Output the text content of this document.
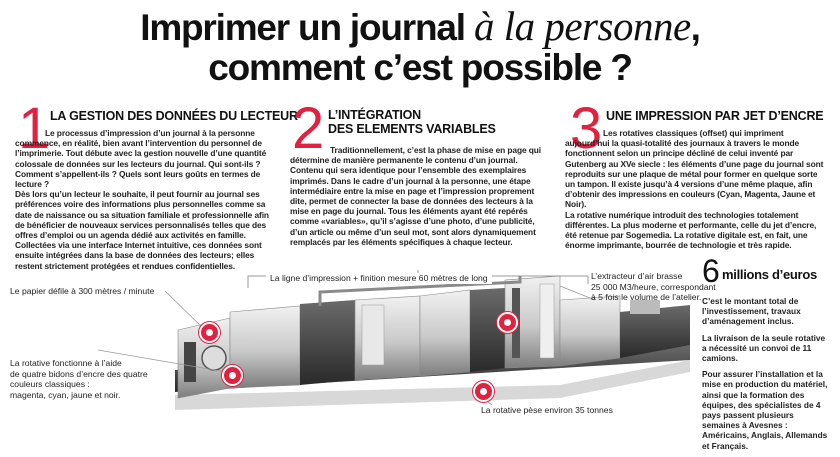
Imprimer un journal à la personne,
comment c’est possible ?
1 LA GESTION DES DONNÉES DU LECTEUR

Le processus d’impression d’un journal à la personne commence, en réalité, bien avant l’intervention du personnel de l’imprimerie. Tout débute avec la gestion nouvelle d’une quantité colossale de données sur les lecteurs du journal. Qui sont-ils ? Comment s’appellent-ils ? Quels sont leurs goûts en termes de lecture ?

Dès lors qu’un lecteur le souhaite, il peut fournir au journal ses préférences voire des informations plus personnelles comme sa date de naissance ou sa situation familiale et professionnelle afin de bénéficier de nouveaux services personnalisés telles que des offres d’emploi ou un agenda dédié aux activités en famille.

Collectées via une interface Internet intuitive, ces données sont ensuite intégrées dans la base de données des lecteurs; elles restent strictement protégées et rendues confidentielles.

2 L’INTÉGRATION
DES ELEMENTS VARIABLES

Traditionnellement, c’est la phase de mise en page qui détermine de manière permanente le contenu d’un journal. Contenu qui sera identique pour l’ensemble des exemplaires imprimés. Dans le cadre d’un journal à la personne, une étape intermédiaire entre la mise en page et l’impression proprement dite, permet de connecter la base de données des lecteurs à la mise en page du journal. Tous les éléments ayant été repérés comme «variables», qu’il s’agisse d’une photo, d’une publicité, d’un article ou même d’un seul mot, sont alors dynamiquement remplacés par les éléments spécifiques à chaque lecteur.

3 UNE IMPRESSION PAR JET D’ENCRE

Les rotatives classiques (offset) qui impriment aujourd’hui la quasi-totalité des journaux à travers le monde fonctionnent selon un principe décliné de celui inventé par Gutenberg au XVe siecle : les éléments d’une page du journal sont reproduits sur une plaque de métal pour former en quelque sorte un tampon. Il existe jusqu’à 4 versions d’une même plaque, afin d’obtenir des impressions en couleurs (Cyan, Magenta, Jaune et Noir).

La rotative numérique introduit des technologies totalement différentes. La plus moderne et performante, celle du jet d’encre, été retenue par Sogemedia. La rotative digitale est, en fait, une énorme imprimante, bourrée de technologie et très rapide.

La ligne d’impression + finition mesure 60 mètres de long
Le papier défile à 300 mètres / minute
L’extracteur d’air brasse
25 000 M3/heure, correspondant
à 5 fois le volume de l’atelier.
La rotative fonctionne à l’aide
de quatre bidons d’encre des quatre
couleurs classiques :
magenta, cyan, jaune et noir.
La rotative pèse environ 35 tonnes
6 millions d’euros

C’est le montant total de l’investissement, travaux d’aménagement inclus.

La livraison de la seule rotative a nécessité un convoi de 11 camions.

Pour assurer l’installation et la mise en production du matériel, ainsi que la formation des équipes, des spécialistes de 4 pays passent plusieurs semaines à Avesnes : Américains, Anglais, Allemands et Français.
